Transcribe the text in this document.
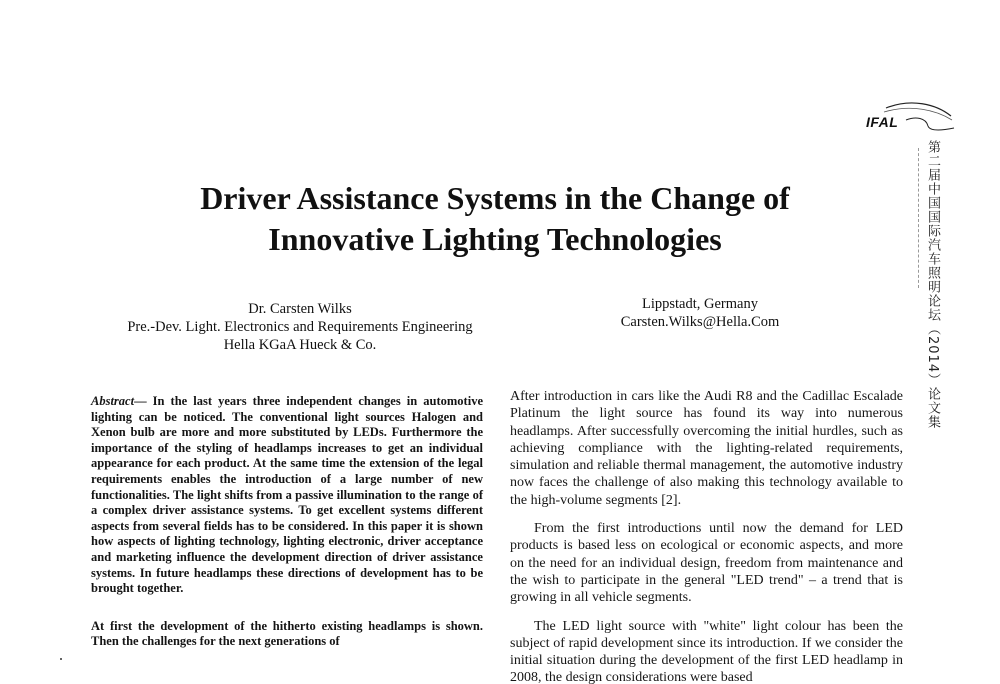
IFAL
第二届中国国际汽车照明论坛（2014）论文集
Driver Assistance Systems in the Change of
Innovative Lighting Technologies
Dr. Carsten Wilks
Pre.-Dev. Light. Electronics and Requirements Engineering
Hella KGaA Hueck & Co.
Lippstadt, Germany
Carsten.Wilks@Hella.Com

Abstract— In the last years three independent changes in automotive lighting can be noticed. The conventional light sources Halogen and Xenon bulb are more and more substituted by LEDs. Furthermore the importance of the styling of headlamps increases to get an individual appearance for each product. At the same time the extension of the legal requirements enables the introduction of a large number of new functionalities. The light shifts from a passive illumination to the range of a complex driver assistance systems. To get excellent systems different aspects from several fields has to be considered. In this paper it is shown how aspects of lighting technology, lighting electronic, driver acceptance and marketing influence the development direction of driver assistance systems. In future headlamps these directions of development has to be brought together.

At first the development of the hitherto existing headlamps is shown. Then the challenges for the next generations of

After introduction in cars like the Audi R8 and the Cadillac Escalade Platinum the light source has found its way into numerous headlamps. After successfully overcoming the initial hurdles, such as achieving compliance with the lighting-related requirements, simulation and reliable thermal management, the automotive industry now faces the challenge of also making this technology available to the high-volume segments [2].

From the first introductions until now the demand for LED products is based less on ecological or economic aspects, and more on the need for an individual design, freedom from maintenance and the wish to participate in the general "LED trend" – a trend that is growing in all vehicle segments.

The LED light source with "white" light colour has been the subject of rapid development since its introduction. If we consider the initial situation during the development of the first LED headlamp in 2008, the design considerations were based
